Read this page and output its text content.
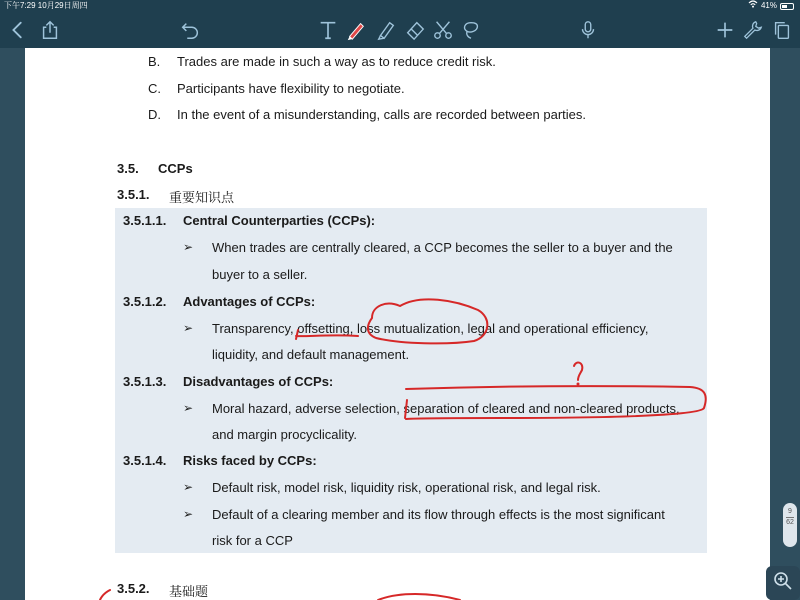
下午7:29 10月29日周四	41%
B. Trades are made in such a way as to reduce credit risk.
C. Participants have flexibility to negotiate.
D. In the event of a misunderstanding, calls are recorded between parties.
3.5. CCPs
3.5.1. 重要知识点
3.5.1.1. Central Counterparties (CCPs):
➢ When trades are centrally cleared, a CCP becomes the seller to a buyer and the
buyer to a seller.
3.5.1.2. Advantages of CCPs:
➢ Transparency, offsetting, loss mutualization, legal and operational efficiency,
liquidity, and default management.
3.5.1.3. Disadvantages of CCPs:
➢ Moral hazard, adverse selection, separation of cleared and non-cleared products,
and margin procyclicality.
3.5.1.4. Risks faced by CCPs:
➢ Default risk, model risk, liquidity risk, operational risk, and legal risk.
➢ Default of a clearing member and its flow through effects is the most significant
risk for a CCP
3.5.2. 基础题
9
62
